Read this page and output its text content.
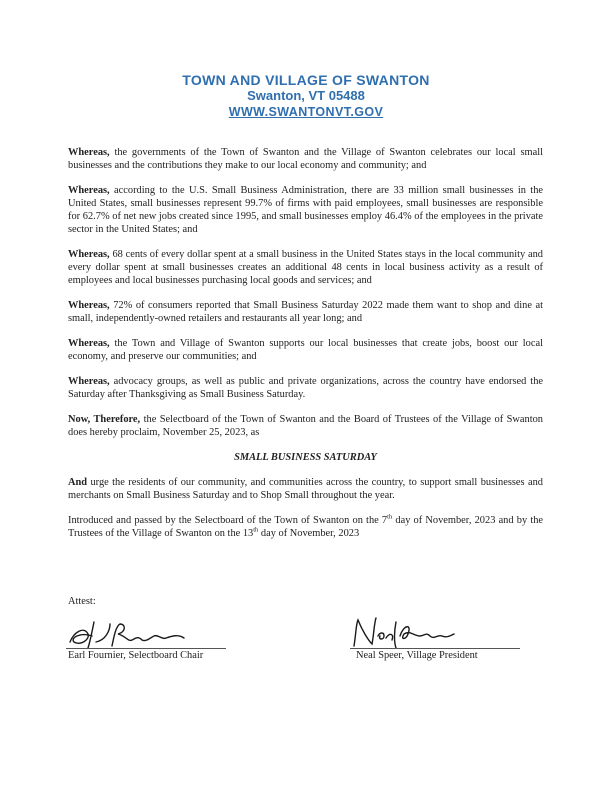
TOWN AND VILLAGE OF SWANTON
Swanton, VT 05488
WWW.SWANTONVT.GOV

Whereas, the governments of the Town of Swanton and the Village of Swanton celebrates our local small businesses and the contributions they make to our local economy and community; and

Whereas, according to the U.S. Small Business Administration, there are 33 million small businesses in the United States, small businesses represent 99.7% of firms with paid employees, small businesses are responsible for 62.7% of net new jobs created since 1995, and small businesses employ 46.4% of the employees in the private sector in the United States; and

Whereas, 68 cents of every dollar spent at a small business in the United States stays in the local community and every dollar spent at small businesses creates an additional 48 cents in local business activity as a result of employees and local businesses purchasing local goods and services; and

Whereas, 72% of consumers reported that Small Business Saturday 2022 made them want to shop and dine at small, independently-owned retailers and restaurants all year long; and

Whereas, the Town and Village of Swanton supports our local businesses that create jobs, boost our local economy, and preserve our communities; and

Whereas, advocacy groups, as well as public and private organizations, across the country have endorsed the Saturday after Thanksgiving as Small Business Saturday.

Now, Therefore, the Selectboard of the Town of Swanton and the Board of Trustees of the Village of Swanton does hereby proclaim, November 25, 2023, as

SMALL BUSINESS SATURDAY

And urge the residents of our community, and communities across the country, to support small businesses and merchants on Small Business Saturday and to Shop Small throughout the year.

Introduced and passed by the Selectboard of the Town of Swanton on the 7th day of November, 2023 and by the Trustees of the Village of Swanton on the 13th day of November, 2023

Attest:
Earl Fournier, Selectboard Chair	Neal Speer, Village President
